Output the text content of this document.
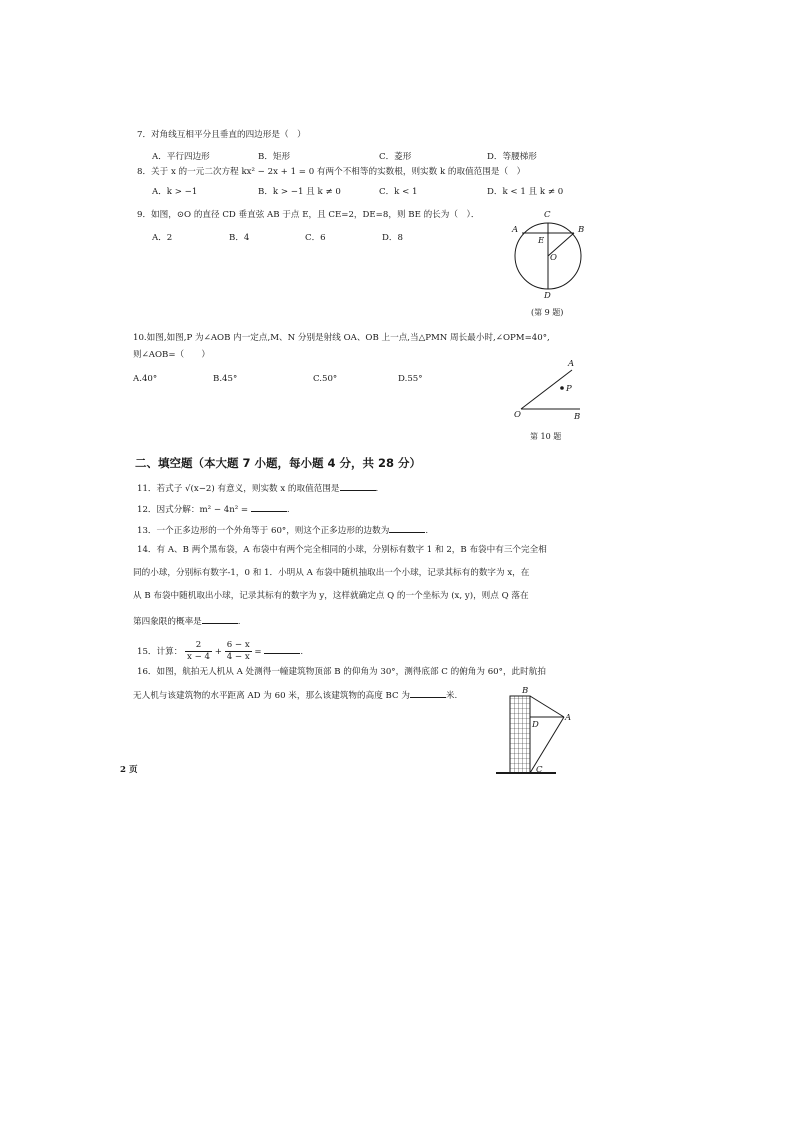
7．对角线互相平分且垂直的四边形是（　）
A．平行四边形	B．矩形	C．菱形	D．等腰梯形
8．关于 x 的一元二次方程 kx² − 2x + 1 = 0 有两个不相等的实数根，则实数 k 的取值范围是（　）
A．k > −1	B．k > −1 且 k ≠ 0	C．k < 1	D．k < 1 且 k ≠ 0
9．如图，⊙O 的直径 CD 垂直弦 AB 于点 E，且 CE=2，DE=8，则 BE 的长为（　）．
A．2	B．4	C．6	D．8
C
A	B
E
O
D
(第 9 题)
10.如图,如图,P 为∠AOB 内一定点,M、N 分别是射线 OA、OB 上一点,当△PMN 周长最小时,∠OPM=40°,
则∠AOB=（　　）
A.40°	B.45°	C.50°	D.55°
A
P
O	B
第 10 题
二、填空题（本大题 7 小题，每小题 4 分，共 28 分）
11．若式子 √(x−2) 有意义，则实数 x 的取值范围是	.
12．因式分解：m² − 4n² =	.
13．一个正多边形的一个外角等于 60°，则这个正多边形的边数为	.
14．有 A、B 两个黑布袋，A 布袋中有两个完全相同的小球，分别标有数字 1 和 2，B 布袋中有三个完全相
同的小球，分别标有数字-1，0 和 1．小明从 A 布袋中随机抽取出一个小球，记录其标有的数字为 x，在
从 B 布袋中随机取出小球，记录其标有的数字为 y，这样就确定点 Q 的一个坐标为 (x, y)，则点 Q 落在
第四象限的概率是	.
15．计算： $\frac{2}{x - 4} + \frac{6 - x}{4 - x}$ =	.
16．如图，航拍无人机从 A 处测得一幢建筑物顶部 B 的仰角为 30°，测得底部 C 的俯角为 60°，此时航拍
无人机与该建筑物的水平距离 AD 为 60 米，那么该建筑物的高度 BC 为	米.	B
A
D
C
2 页
